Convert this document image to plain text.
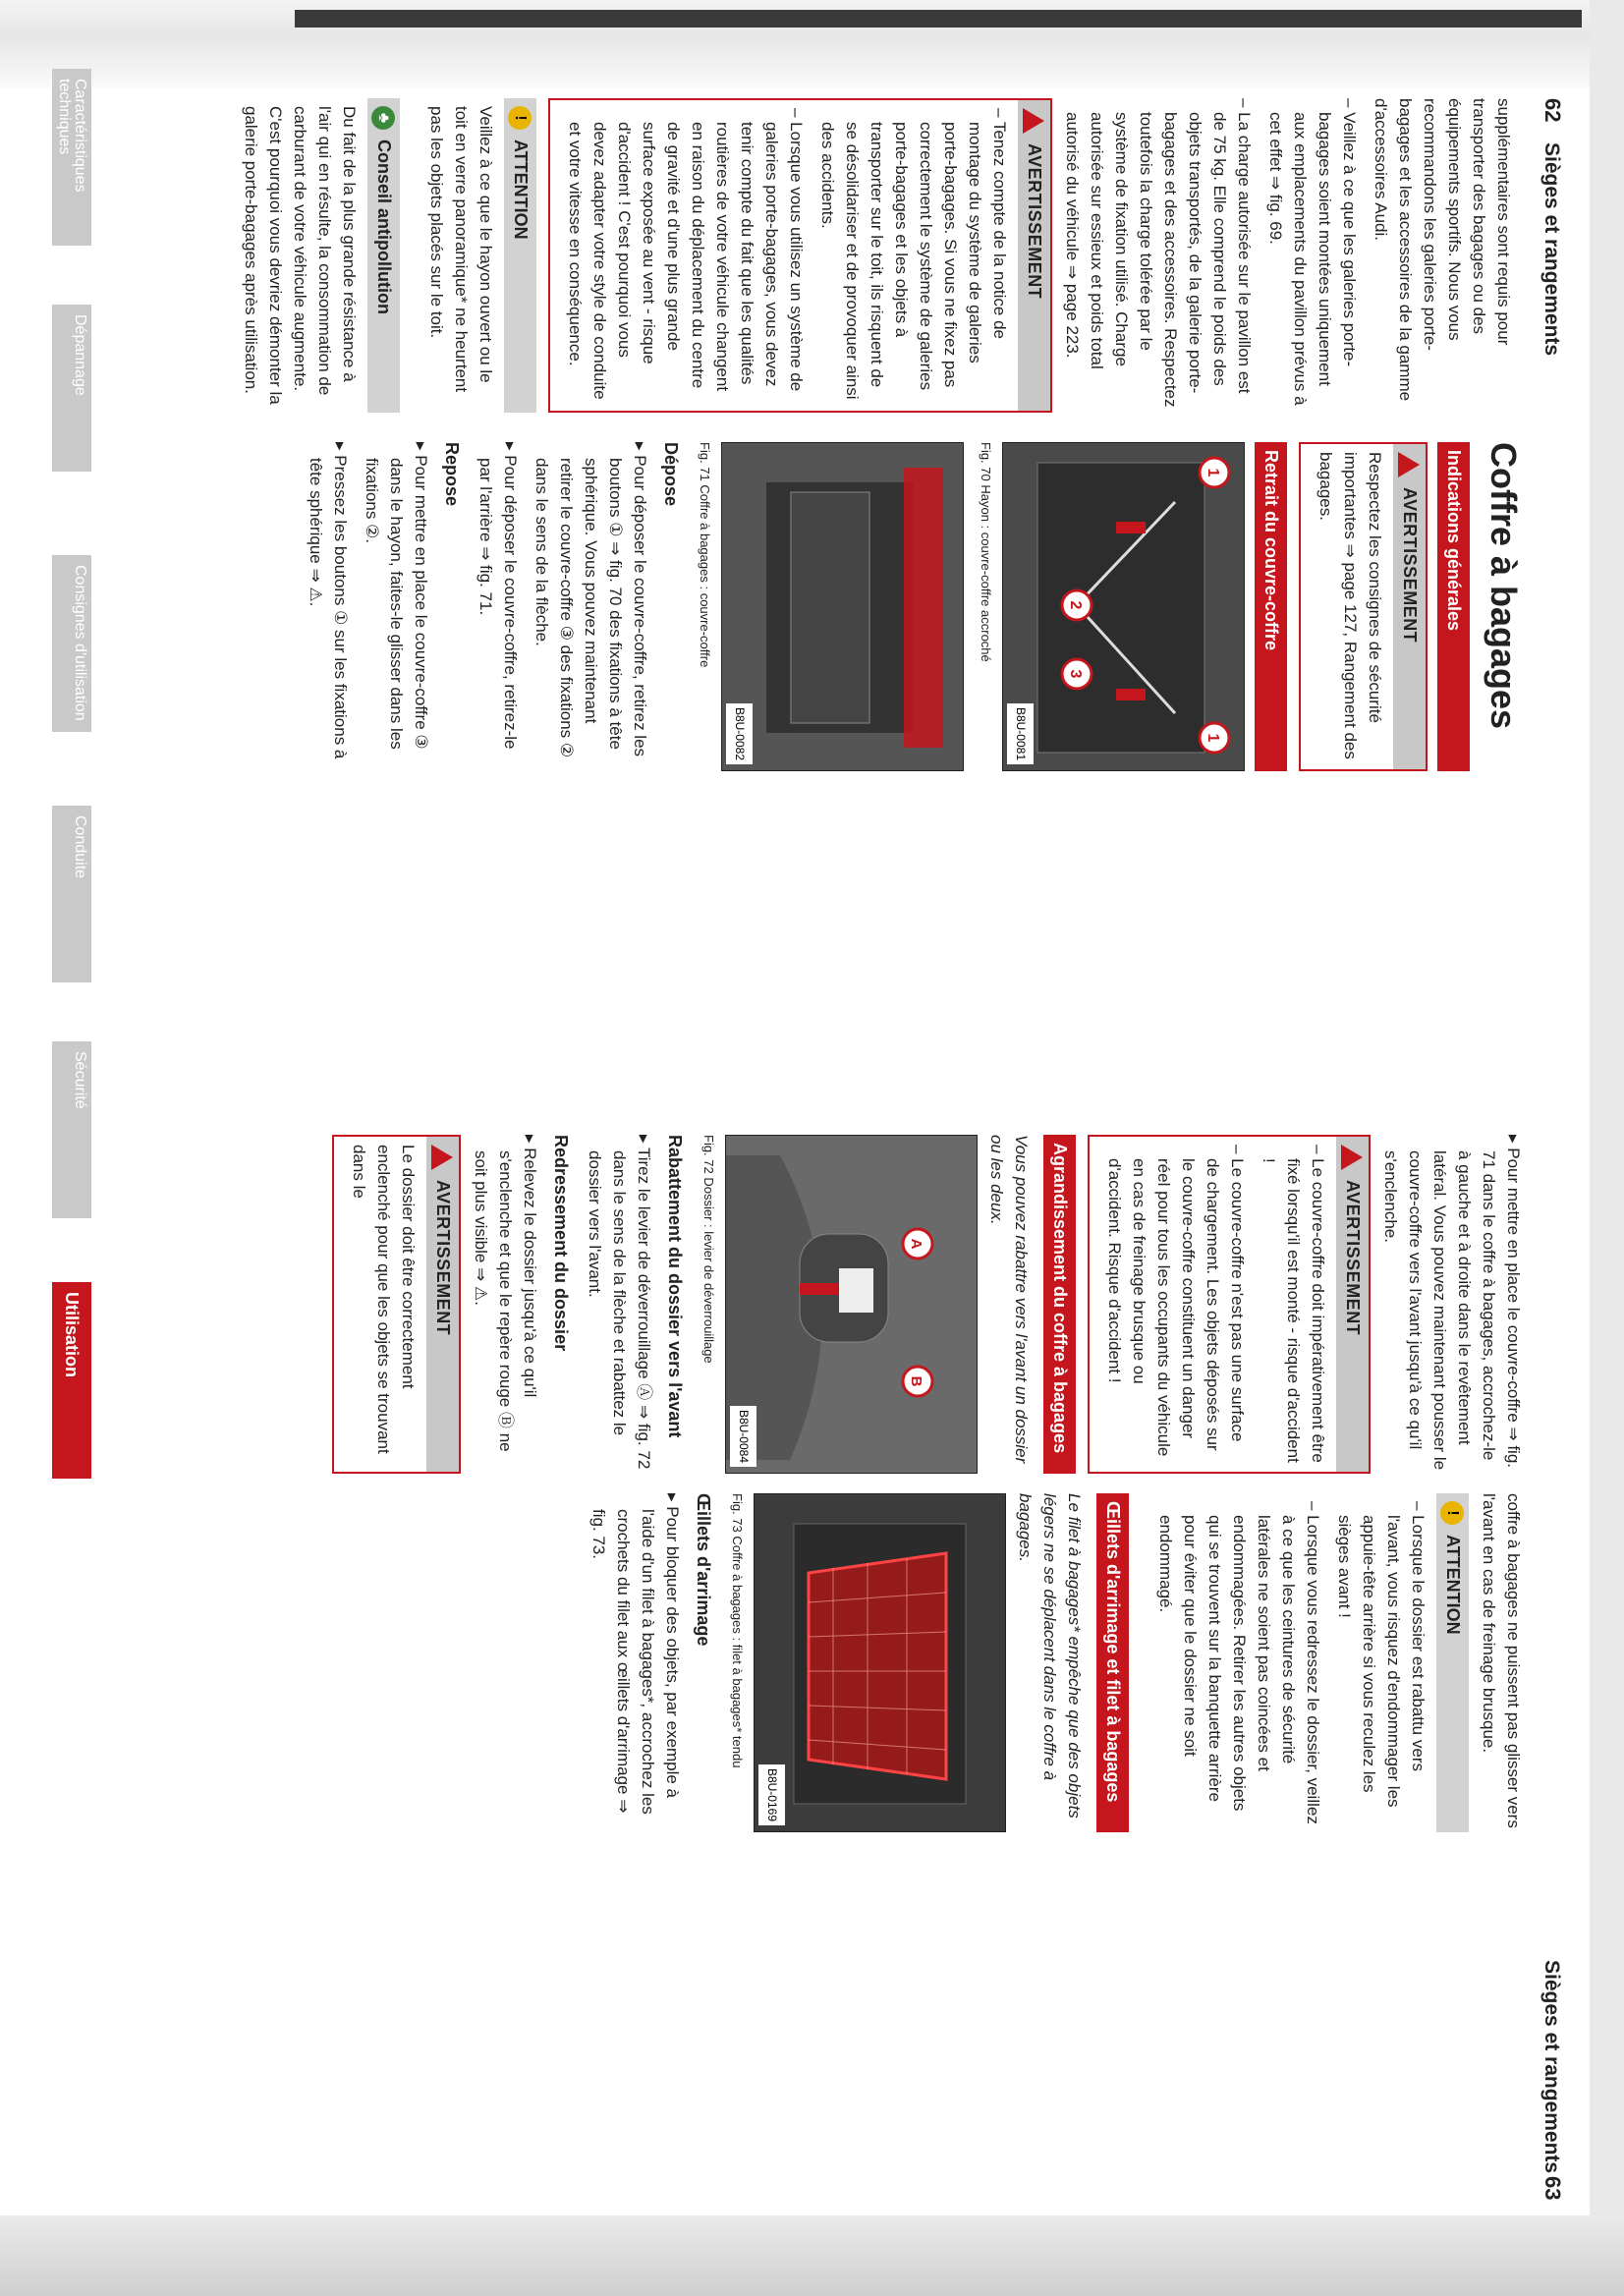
62
Sièges et rangements

supplémentaires sont requis pour transporter des bagages ou des équipements sportifs. Nous vous recommandons les galeries porte-bagages et les accessoires de la gamme d'accessoires Audi.

– Veillez à ce que les galeries porte-bagages soient montées uniquement aux emplacements du pavillon prévus à cet effet ⇒ fig. 69.

– La charge autorisée sur le pavillon est de 75 kg. Elle comprend le poids des objets transportés, de la galerie porte-bagages et des accessoires. Respectez toutefois la charge tolérée par le système de fixation utilisé. Charge autorisée sur essieux et poids total autorisé du véhicule ⇒ page 223.

AVERTISSEMENT

– Tenez compte de la notice de montage du système de galeries porte-bagages. Si vous ne fixez pas correctement le système de galeries porte-bagages et les objets à transporter sur le toit, ils risquent de se désolidariser et de provoquer ainsi des accidents.

– Lorsque vous utilisez un système de galeries porte-bagages, vous devez tenir compte du fait que les qualités routières de votre véhicule changent en raison du déplacement du centre de gravité et d'une plus grande surface exposée au vent - risque d'accident ! C'est pourquoi vous devez adapter votre style de conduite et votre vitesse en conséquence.

!
ATTENTION

Veillez à ce que le hayon ouvert ou le toit en verre panoramique* ne heurtent pas les objets placés sur le toit.

♣
Conseil antipollution

Du fait de la plus grande résistance à l'air qui en résulte, la consommation de carburant de votre véhicule augmente. C'est pourquoi vous devriez démonter la galerie porte-bagages après utilisation.

Coffre à bagages
Indications générales
AVERTISSEMENT

Respectez les consignes de sécurité importantes ⇒ page 127, Rangement des bagages.

Retrait du couvre-coffre
1
2
3
1
B8U-0081
Fig. 70 Hayon : couvre-coffre accroché
B8U-0082
Fig. 71 Coffre à bagages : couvre-coffre
Dépose

▸ Pour déposer le couvre-coffre, retirez les boutons ① ⇒ fig. 70 des fixations à tête sphérique. Vous pouvez maintenant retirer le couvre-coffre ③ des fixations ② dans le sens de la flèche.

▸ Pour déposer le couvre-coffre, retirez-le par l'arrière ⇒ fig. 71.

Repose

▸ Pour mettre en place le couvre-coffre ③ dans le hayon, faites-le glisser dans les fixations ②.

▸ Pressez les boutons ① sur les fixations à tête sphérique ⇒ ⚠.

Sièges et rangements
63

▸ Pour mettre en place le couvre-coffre ⇒ fig. 71 dans le coffre à bagages, accrochez-le à gauche et à droite dans le revêtement latéral. Vous pouvez maintenant pousser le couvre-coffre vers l'avant jusqu'à ce qu'il s'enclenche.

AVERTISSEMENT

– Le couvre-coffre doit impérativement être fixé lorsqu'il est monté - risque d'accident !

– Le couvre-coffre n'est pas une surface de chargement. Les objets déposés sur le couvre-coffre constituent un danger réel pour tous les occupants du véhicule en cas de freinage brusque ou d'accident. Risque d'accident !

Agrandissement du coffre à bagages

Vous pouvez rabattre vers l'avant un dossier ou les deux.

A
B
B8U-0084
Fig. 72 Dossier : levier de déverrouillage
Rabattement du dossier vers l'avant

▸ Tirez le levier de déverrouillage Ⓐ ⇒ fig. 72 dans le sens de la flèche et rabattez le dossier vers l'avant.

Redressement du dossier

▸ Relevez le dossier jusqu'à ce qu'il s'enclenche et que le repère rouge Ⓑ ne soit plus visible ⇒ ⚠.

AVERTISSEMENT

Le dossier doit être correctement enclenché pour que les objets se trouvant dans le

coffre à bagages ne puissent pas glisser vers l'avant en cas de freinage brusque.

!
ATTENTION

– Lorsque le dossier est rabattu vers l'avant, vous risquez d'endommager les appuie-tête arrière si vous reculez les sièges avant !

– Lorsque vous redressez le dossier, veillez à ce que les ceintures de sécurité latérales ne soient pas coincées et endommagées. Retirer les autres objets qui se trouvent sur la banquette arrière pour éviter que le dossier ne soit endommagé.

Œillets d'arrimage et filet à bagages

Le filet à bagages* empêche que des objets légers ne se déplacent dans le coffre à bagages.

B8U-0169
Fig. 73 Coffre à bagages : filet à bagages* tendu
Œillets d'arrimage

▸ Pour bloquer des objets, par exemple à l'aide d'un filet à bagages*, accrochez les crochets du filet aux œillets d'arrimage ⇒ fig. 73.

Caractéristiques techniques
Dépannage
Consignes d'utilisation
Conduite
Sécurité
Utilisation
